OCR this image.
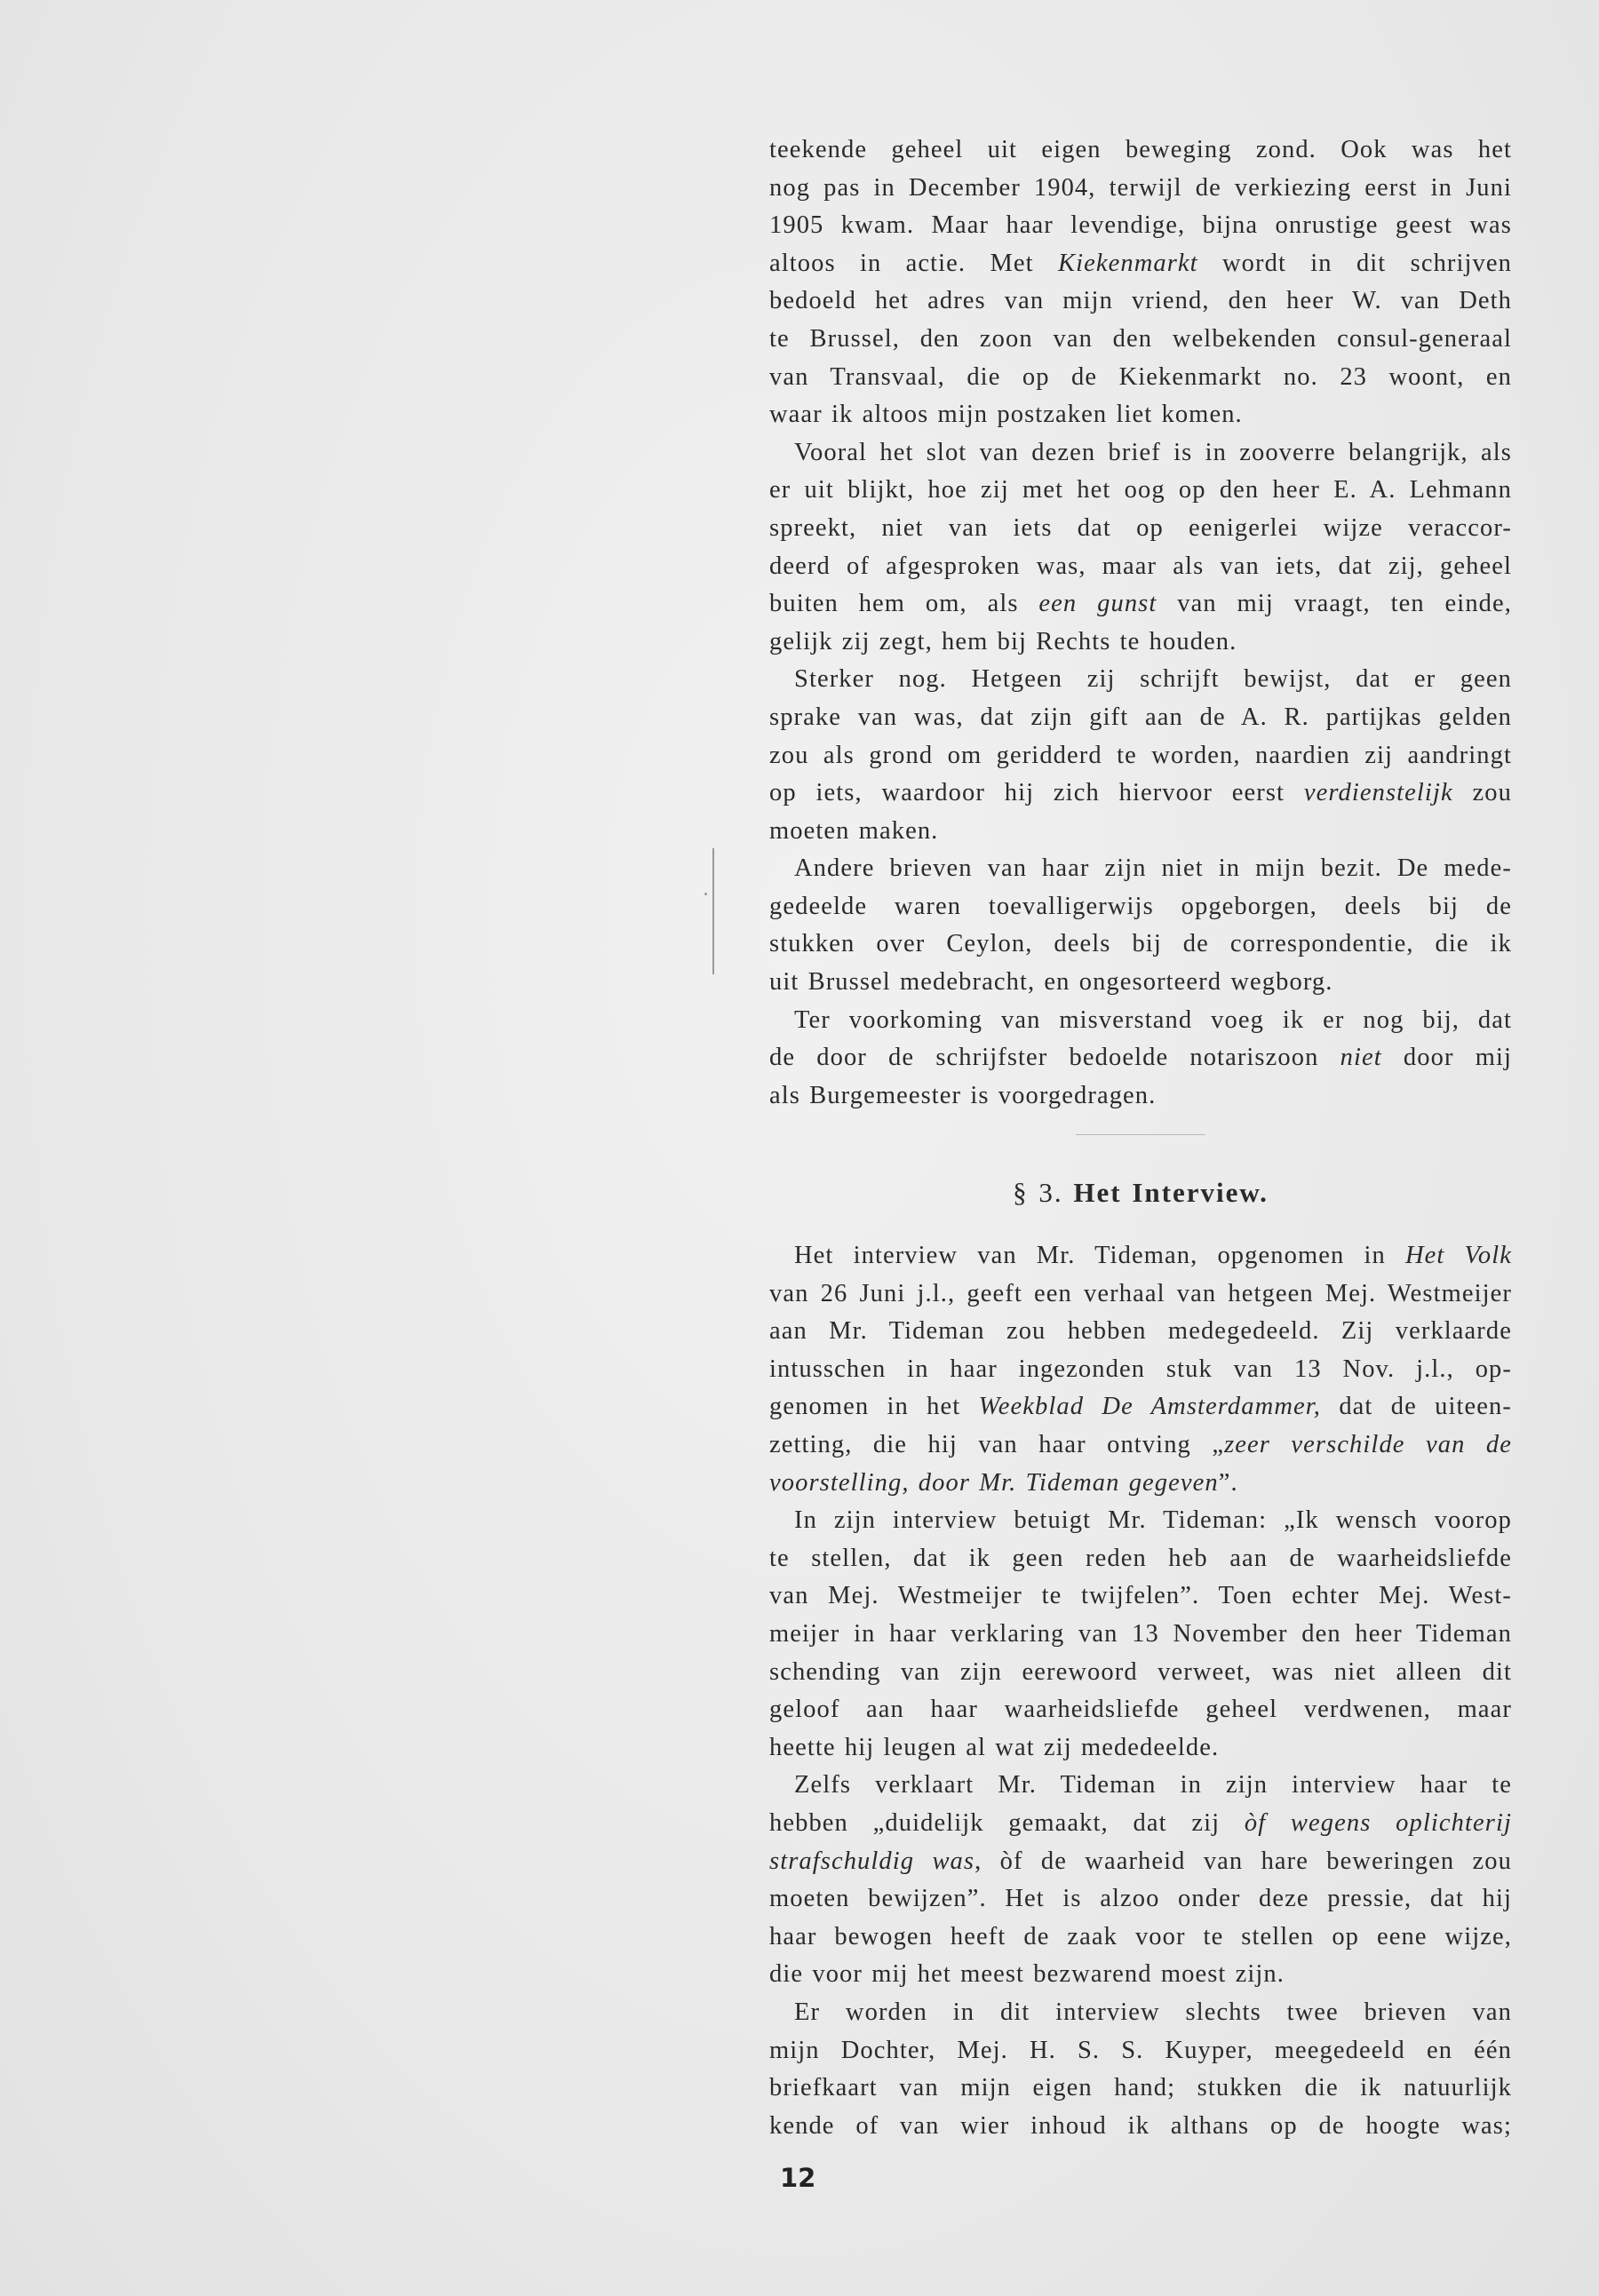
teekende geheel uit eigen beweging zond. Ook was het
nog pas in December 1904, terwijl de verkiezing eerst in Juni
1905 kwam. Maar haar levendige, bijna onrustige geest was
altoos in actie. Met Kiekenmarkt wordt in dit schrijven
bedoeld het adres van mijn vriend, den heer W. van Deth
te Brussel, den zoon van den welbekenden consul-generaal
van Transvaal, die op de Kiekenmarkt no. 23 woont, en
waar ik altoos mijn postzaken liet komen.

Vooral het slot van dezen brief is in zooverre belangrijk, als
er uit blijkt, hoe zij met het oog op den heer E. A. Lehmann
spreekt, niet van iets dat op eenigerlei wijze veraccor-
deerd of afgesproken was, maar als van iets, dat zij, geheel
buiten hem om, als een gunst van mij vraagt, ten einde,
gelijk zij zegt, hem bij Rechts te houden.

Sterker nog. Hetgeen zij schrijft bewijst, dat er geen
sprake van was, dat zijn gift aan de A. R. partijkas gelden
zou als grond om geridderd te worden, naardien zij aandringt
op iets, waardoor hij zich hiervoor eerst verdienstelijk zou
moeten maken.

Andere brieven van haar zijn niet in mijn bezit. De mede-
gedeelde waren toevalligerwijs opgeborgen, deels bij de
stukken over Ceylon, deels bij de correspondentie, die ik
uit Brussel medebracht, en ongesorteerd wegborg.

Ter voorkoming van misverstand voeg ik er nog bij, dat
de door de schrijfster bedoelde notariszoon niet door mij
als Burgemeester is voorgedragen.

§ 3. Het Interview.

Het interview van Mr. Tideman, opgenomen in Het Volk
van 26 Juni j.l., geeft een verhaal van hetgeen Mej. Westmeijer
aan Mr. Tideman zou hebben medegedeeld. Zij verklaarde
intusschen in haar ingezonden stuk van 13 Nov. j.l., op-
genomen in het Weekblad De Amsterdammer, dat de uiteen-
zetting, die hij van haar ontving „zeer verschilde van de
voorstelling, door Mr. Tideman gegeven”.

In zijn interview betuigt Mr. Tideman: „Ik wensch voorop
te stellen, dat ik geen reden heb aan de waarheidsliefde
van Mej. Westmeijer te twijfelen”. Toen echter Mej. West-
meijer in haar verklaring van 13 November den heer Tideman
schending van zijn eerewoord verweet, was niet alleen dit
geloof aan haar waarheidsliefde geheel verdwenen, maar
heette hij leugen al wat zij mededeelde.

Zelfs verklaart Mr. Tideman in zijn interview haar te
hebben „duidelijk gemaakt, dat zij òf wegens oplichterij
strafschuldig was, òf de waarheid van hare beweringen zou
moeten bewijzen”. Het is alzoo onder deze pressie, dat hij
haar bewogen heeft de zaak voor te stellen op eene wijze,
die voor mij het meest bezwarend moest zijn.

Er worden in dit interview slechts twee brieven van
mijn Dochter, Mej. H. S. S. Kuyper, meegedeeld en één
briefkaart van mijn eigen hand; stukken die ik natuurlijk
kende of van wier inhoud ik althans op de hoogte was;

12
